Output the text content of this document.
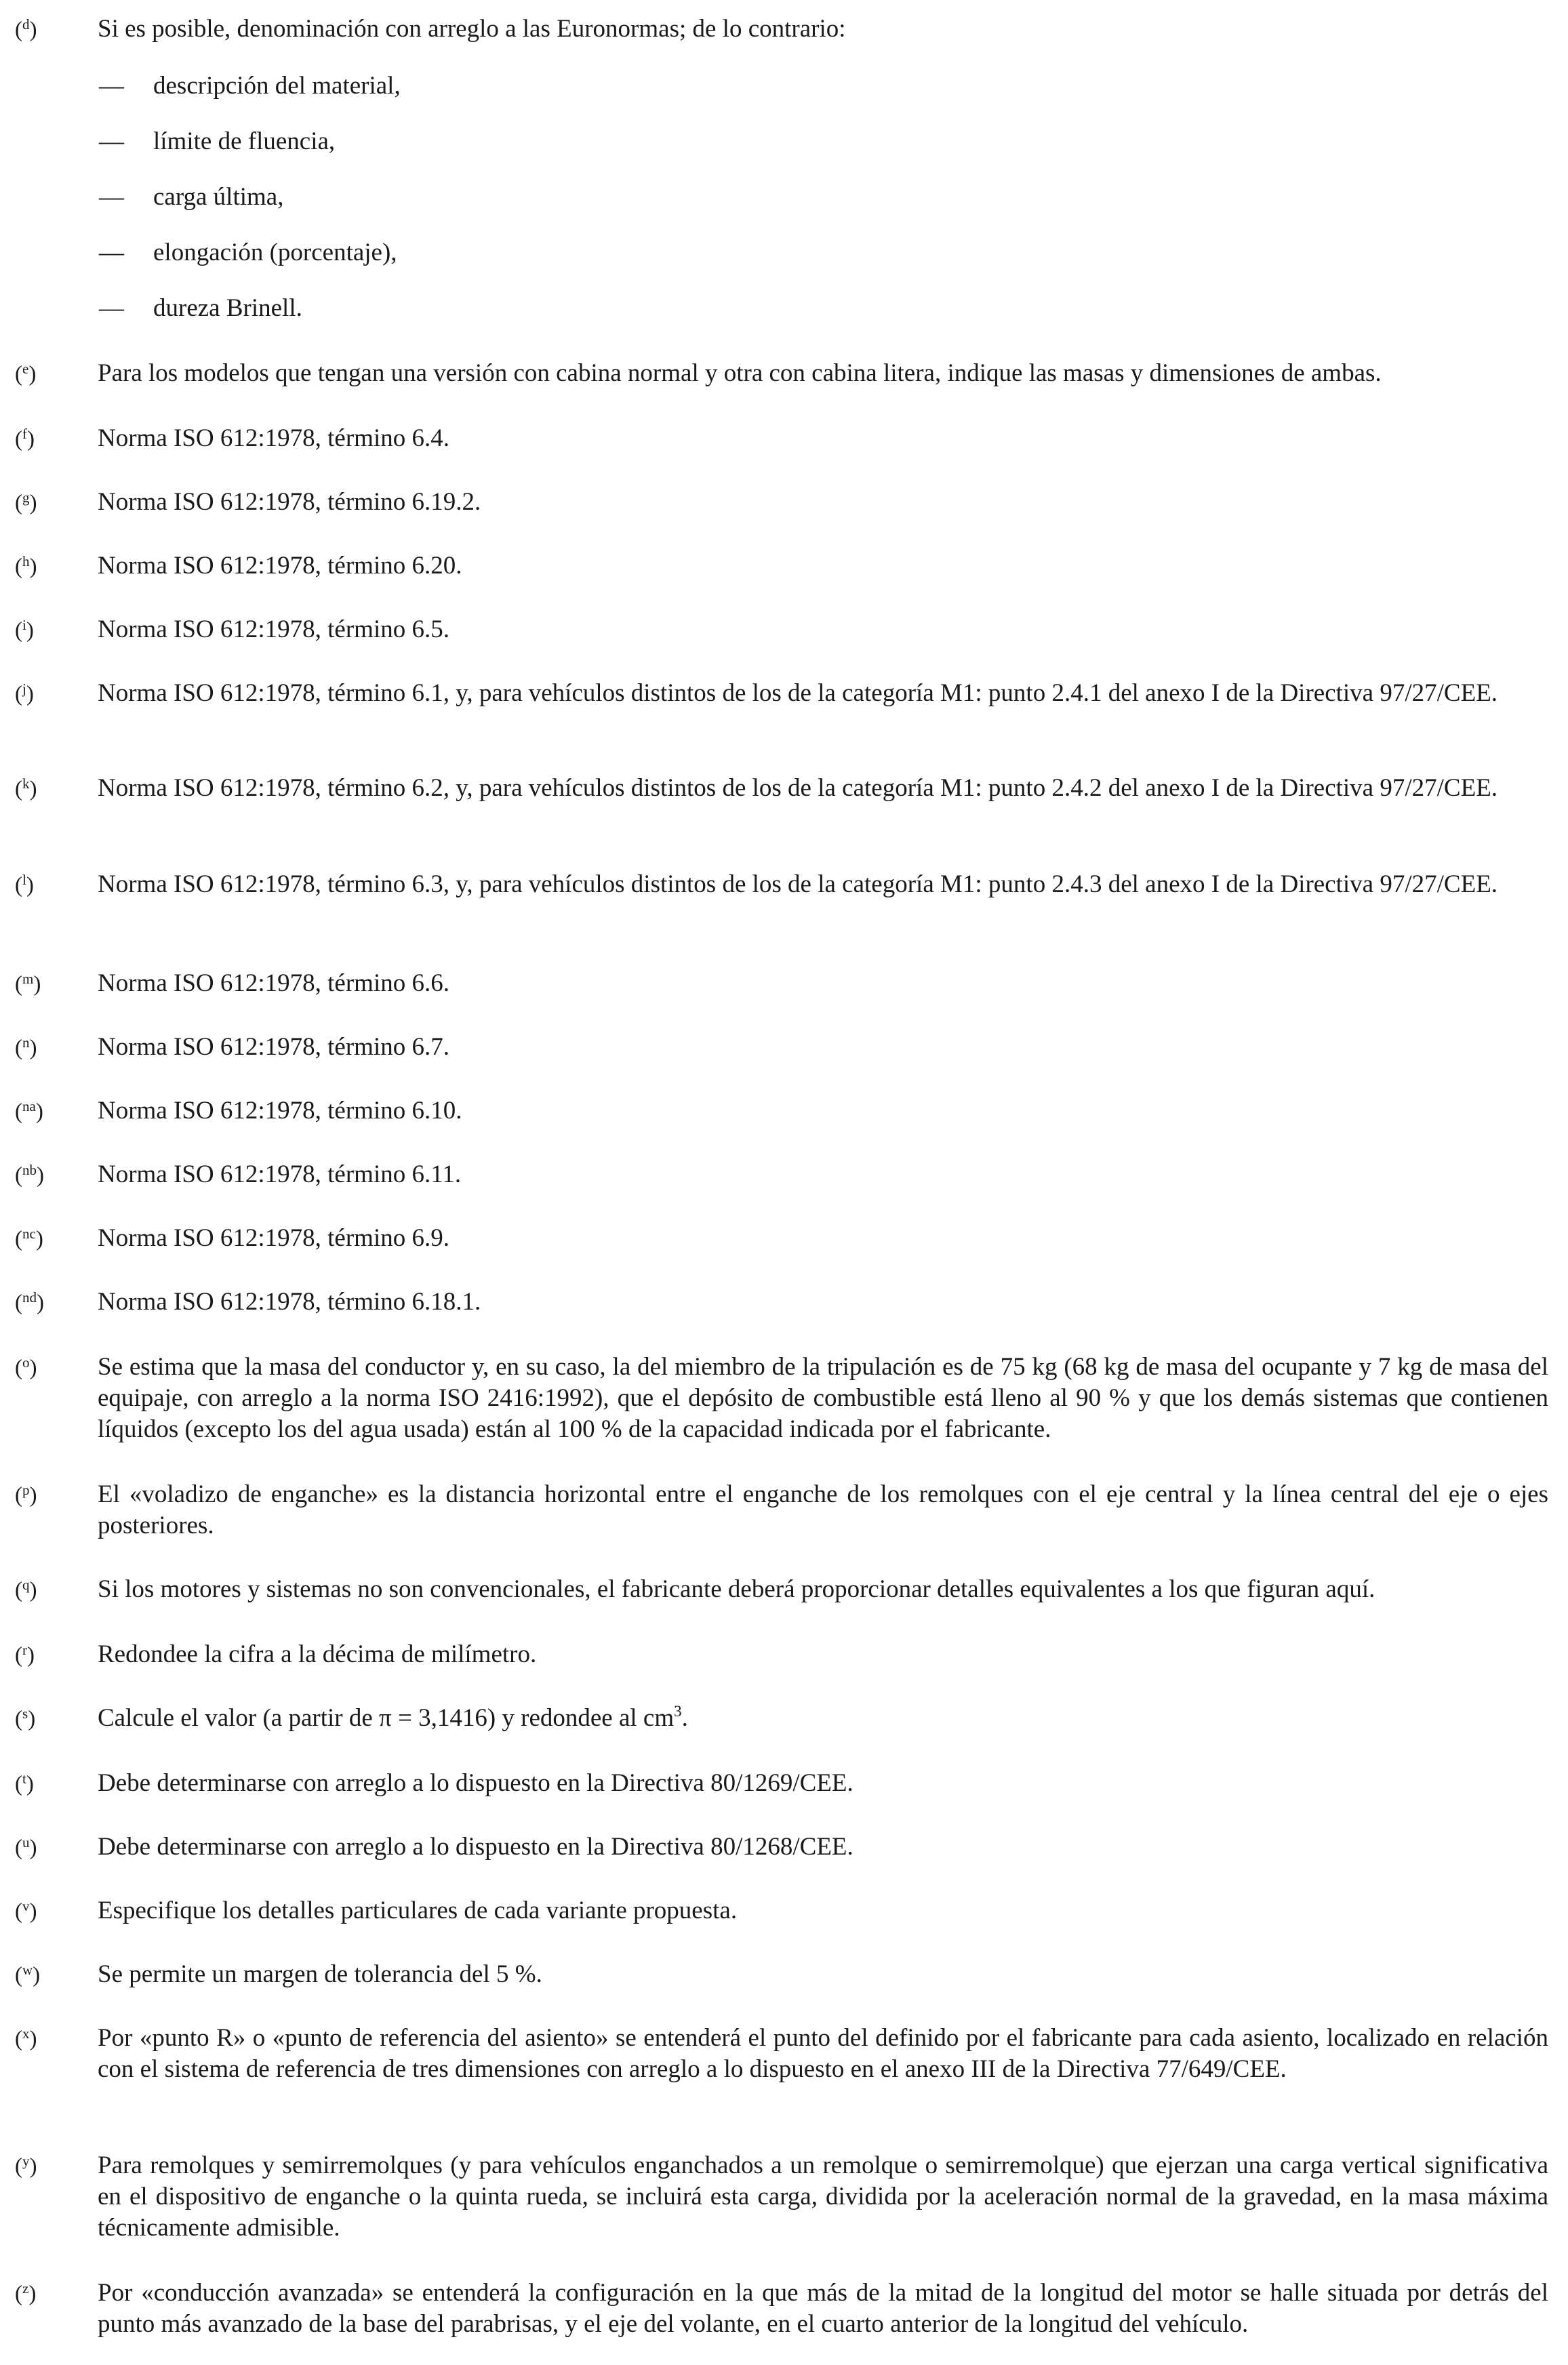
($^d$) Si es posible, denominación con arreglo a las Euronormas; de lo contrario:
— descripción del material,
— límite de fluencia,
— carga última,
— elongación (porcentaje),
— dureza Brinell.
($^e$) Para los modelos que tengan una versión con cabina normal y otra con cabina litera, indique las masas y dimensiones de ambas.
($^f$)	Norma ISO 612:1978, término 6.4.
($^g$) Norma ISO 612:1978, término 6.19.2.
($^h$) Norma ISO 612:1978, término 6.20.
($^i$)	Norma ISO 612:1978, término 6.5.
($^j$)	Norma ISO 612:1978, término 6.1, y, para vehículos distintos de los de la categoría M1: punto 2.4.1 del anexo I de la Directiva 97/27/CEE.
($^k$) Norma ISO 612:1978, término 6.2, y, para vehículos distintos de los de la categoría M1: punto 2.4.2 del anexo I de la Directiva 97/27/CEE.
($^l$)	Norma ISO 612:1978, término 6.3, y, para vehículos distintos de los de la categoría M1: punto 2.4.3 del anexo I de la Directiva 97/27/CEE.
($^m$) Norma ISO 612:1978, término 6.6.
($^n$) Norma ISO 612:1978, término 6.7.
($^{na}$) Norma ISO 612:1978, término 6.10.
($^{nb}$) Norma ISO 612:1978, término 6.11.
($^{nc}$) Norma ISO 612:1978, término 6.9.
($^{nd}$) Norma ISO 612:1978, término 6.18.1.
($^o$) Se estima que la masa del conductor y, en su caso, la del miembro de la tripulación es de 75 kg (68 kg de masa del ocupante y 7 kg de masa del equipaje, con arreglo a la norma ISO 2416:1992), que el depósito de combustible está lleno al 90 % y que los demás sistemas que contienen líquidos (excepto los del agua usada) están al 100 % de la capacidad indicada por el fabricante.
($^p$) El «voladizo de enganche» es la distancia horizontal entre el enganche de los remolques con el eje central y la línea central del eje o ejes posteriores.
($^q$) Si los motores y sistemas no son convencionales, el fabricante deberá proporcionar detalles equivalentes a los que figuran aquí.
($^r$)	Redondee la cifra a la décima de milímetro.
($^s$) Calcule el valor (a partir de π = 3,1416) y redondee al $cm^3$.
($^t$)	Debe determinarse con arreglo a lo dispuesto en la Directiva 80/1269/CEE.
($^u$) Debe determinarse con arreglo a lo dispuesto en la Directiva 80/1268/CEE.
($^v$) Especifique los detalles particulares de cada variante propuesta.
($^w$) Se permite un margen de tolerancia del 5 %.
($^x$) Por «punto R» o «punto de referencia del asiento» se entenderá el punto del definido por el fabricante para cada asiento, localizado en relación con el sistema de referencia de tres dimensiones con arreglo a lo dispuesto en el anexo III de la Directiva 77/649/CEE.
($^y$) Para remolques y semirremolques (y para vehículos enganchados a un remolque o semirremolque) que ejerzan una carga vertical significativa en el dispositivo de enganche o la quinta rueda, se incluirá esta carga, dividida por la aceleración normal de la gravedad, en la masa máxima técnicamente admisible.
($^z$) Por «conducción avanzada» se entenderá la configuración en la que más de la mitad de la longitud del motor se halle situada por detrás del punto más avanzado de la base del parabrisas, y el eje del volante, en el cuarto anterior de la longitud del vehículo.
